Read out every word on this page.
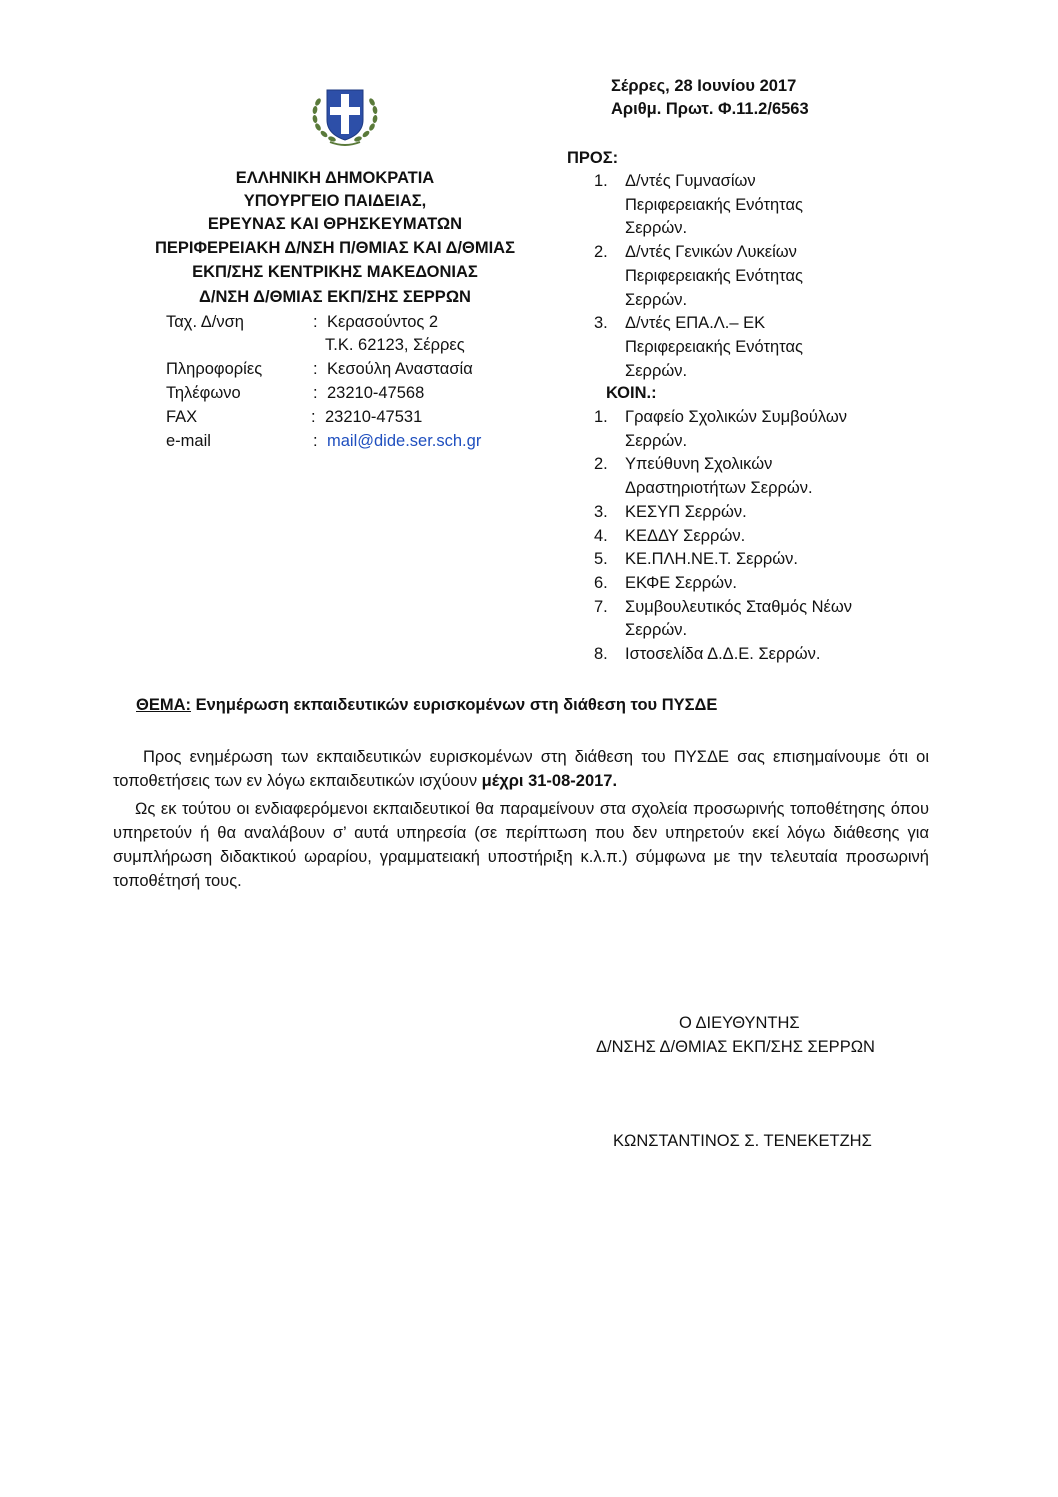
ΕΛΛΗΝΙΚΗ ΔΗΜΟΚΡΑΤΙΑ
ΥΠΟΥΡΓΕΙΟ ΠΑΙΔΕΙΑΣ,
ΕΡΕΥΝΑΣ ΚΑΙ ΘΡΗΣΚΕΥΜΑΤΩΝ
ΠΕΡΙΦΕΡΕΙΑΚΗ Δ/ΝΣΗ Π/ΘΜΙΑΣ ΚΑΙ Δ/ΘΜΙΑΣ
ΕΚΠ/ΣΗΣ ΚΕΝΤΡΙΚΗΣ ΜΑΚΕΔΟΝΙΑΣ
Δ/ΝΣΗ Δ/ΘΜΙΑΣ ΕΚΠ/ΣΗΣ ΣΕΡΡΩΝ
Ταχ. Δ/νση	: Κερασούντος 2
Τ.Κ. 62123, Σέρρες
Πληροφορίες	: Κεσούλη Αναστασία
Τηλέφωνο	: 23210-47568
FAX	: 23210-47531
e-mail	: mail@dide.ser.sch.gr
Σέρρες, 28 Ιουνίου 2017
Αριθμ. Πρωτ. Φ.11.2/6563
ΠΡΟΣ:
1.	Δ/ντές Γυμνασίων
Περιφερειακής Ενότητας
Σερρών.
2.	Δ/ντές Γενικών Λυκείων
Περιφερειακής Ενότητας
Σερρών.
3.	Δ/ντές ΕΠΑ.Λ.– ΕΚ
Περιφερειακής Ενότητας
Σερρών.
ΚΟΙΝ.:
1.	Γραφείο Σχολικών Συμβούλων
Σερρών.
2.	Υπεύθυνη Σχολικών
Δραστηριοτήτων Σερρών.
3.	ΚΕΣΥΠ Σερρών.
4.	ΚΕΔΔΥ Σερρών.
5.	ΚΕ.ΠΛΗ.ΝΕ.Τ. Σερρών.
6.	ΕΚΦΕ Σερρών.
7.	Συμβουλευτικός Σταθμός Νέων
Σερρών.
8.	Ιστοσελίδα Δ.Δ.Ε. Σερρών.
ΘΕΜΑ: Ενημέρωση εκπαιδευτικών ευρισκομένων στη διάθεση του ΠΥΣΔΕ
Προς ενημέρωση των εκπαιδευτικών ευρισκομένων στη διάθεση του ΠΥΣΔΕ σας επισημαίνουμε ότι οι τοποθετήσεις των εν λόγω εκπαιδευτικών ισχύουν μέχρι 31-08-2017.
Ως εκ τούτου οι ενδιαφερόμενοι εκπαιδευτικοί θα παραμείνουν στα σχολεία προσωρινής τοποθέτησης όπου υπηρετούν ή θα αναλάβουν σ’ αυτά υπηρεσία (σε περίπτωση που δεν υπηρετούν εκεί λόγω διάθεσης για συμπλήρωση διδακτικού ωραρίου, γραμματειακή υποστήριξη κ.λ.π.) σύμφωνα με την τελευταία προσωρινή τοποθέτησή τους.
Ο ΔΙΕΥΘΥΝΤΗΣ
Δ/ΝΣΗΣ Δ/ΘΜΙΑΣ ΕΚΠ/ΣΗΣ ΣΕΡΡΩΝ
ΚΩΝΣΤΑΝΤΙΝΟΣ Σ. ΤΕΝΕΚΕΤΖΗΣ
